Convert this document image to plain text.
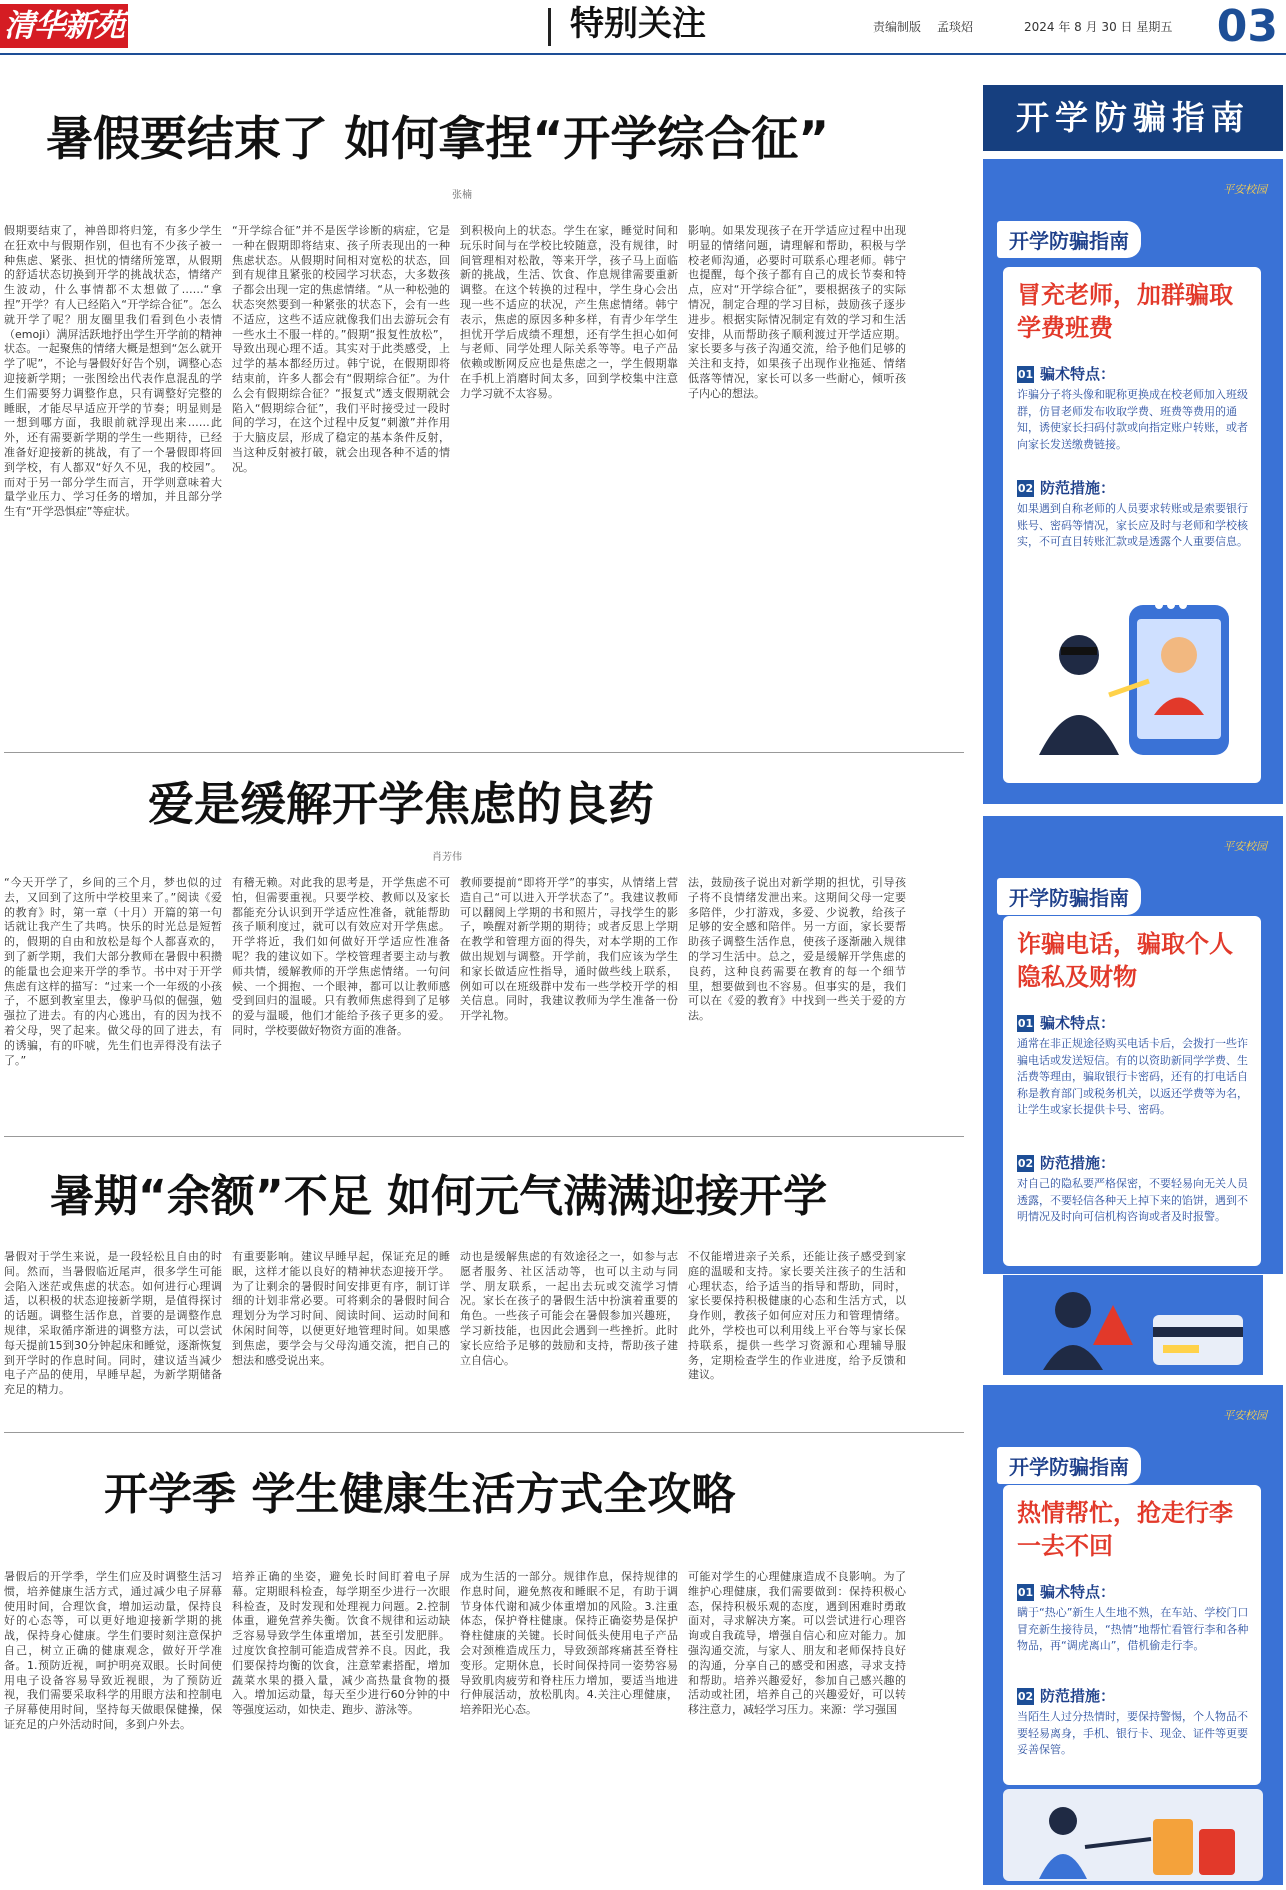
清华新苑	特别关注	责编制版 孟琰炤	2024 年 8 月 30 日 星期五 03
暑假要结束了 如何拿捏“开学综合征”
张楠
假期要结束了，神兽即将归笼，有多少学生在狂欢中与假期作别，但也有不少孩子被一种焦虑、紧张、担忧的情绪所笼罩，从假期的舒适状态切换到开学的挑战状态，情绪产生波动，什么事情都不太想做了……“拿捏”开学？有人已经陷入“开学综合征”。怎么就开学了呢？朋友圈里我们看到色小表情（emoji）满屏活跃地抒出学生开学前的精神状态。一起聚焦的情绪大概是想到“怎么就开学了呢”，不论与暑假好好告个别，调整心态迎接新学期；一张图绘出代表作息混乱的学生们需要努力调整作息，只有调整好完整的睡眠，才能尽早适应开学的节奏；明显则是一想到哪方面，我眼前就浮现出来……此外，还有需要新学期的学生一些期待，已经准备好迎接新的挑战，有了一个暑假即将回到学校，有人都双“好久不见，我的校园”。而对于另一部分学生而言，开学则意味着大量学业压力、学习任务的增加，并且部分学生有“开学恐惧症”等症状。
“开学综合征”并不是医学诊断的病症，它是一种在假期即将结束、孩子所表现出的一种焦虑状态。从假期时间相对宽松的状态，回到有规律且紧张的校园学习状态，大多数孩子都会出现一定的焦虑情绪。“从一种松弛的状态突然要到一种紧张的状态下，会有一些不适应，这些不适应就像我们出去游玩会有一些水土不服一样的。”假期“报复性放松”，导致出现心理不适。其实对于此类感受，上过学的基本都经历过。韩宁说，在假期即将结束前，许多人都会有“假期综合征”。为什么会有假期综合征？“报复式”透支假期就会陷入“假期综合征”，我们平时接受过一段时间的学习，在这个过程中反复“刺激”并作用于大脑皮层，形成了稳定的基本条件反射，当这种反射被打破，就会出现各种不适的情况。
到积极向上的状态。学生在家，睡觉时间和玩乐时间与在学校比较随意，没有规律，时间管理相对松散，等来开学，孩子马上面临新的挑战，生活、饮食、作息规律需要重新调整。在这个转换的过程中，学生身心会出现一些不适应的状况，产生焦虑情绪。韩宁表示，焦虑的原因多种多样，有青少年学生担忧开学后成绩不理想，还有学生担心如何与老师、同学处理人际关系等等。电子产品依赖或断网反应也是焦虑之一，学生假期靠在手机上消磨时间太多，回到学校集中注意力学习就不太容易。
影响。如果发现孩子在开学适应过程中出现明显的情绪问题，请理解和帮助，积极与学校老师沟通，必要时可联系心理老师。韩宁也提醒，每个孩子都有自己的成长节奏和特点，应对“开学综合征”，要根据孩子的实际情况，制定合理的学习目标，鼓励孩子逐步进步。根据实际情况制定有效的学习和生活安排，从而帮助孩子顺利渡过开学适应期。家长要多与孩子沟通交流，给予他们足够的关注和支持，如果孩子出现作业拖延、情绪低落等情况，家长可以多一些耐心，倾听孩子内心的想法。
爱是缓解开学焦虑的良药
肖芳伟
“今天开学了，乡间的三个月，梦也似的过去，又回到了这所中学校里来了。”阅读《爱的教育》时，第一章（十月）开篇的第一句话就让我产生了共鸣。快乐的时光总是短暂的，假期的自由和放松是每个人都喜欢的，到了新学期，我们大部分教师在暑假中积攒的能量也会迎来开学的季节。书中对于开学焦虑有这样的描写：“过来一个一年级的小孩子，不愿到教室里去，像驴马似的倔强，勉强拉了进去。有的内心逃出，有的因为找不着父母，哭了起来。做父母的回了进去，有的诱骗，有的吓唬，先生们也弄得没有法子了。”
有稽无赖。对此我的思考是，开学焦虑不可怕，但需要重视。只要学校、教师以及家长都能充分认识到开学适应性准备，就能帮助孩子顺利度过，就可以有效应对开学焦虑。开学将近，我们如何做好开学适应性准备呢？我的建议如下。学校管理者要主动与教师共情，缓解教师的开学焦虑情绪。一句问候、一个拥抱、一个眼神，都可以让教师感受到回归的温暖。只有教师焦虑得到了足够的爱与温暖，他们才能给予孩子更多的爱。同时，学校要做好物资方面的准备。
教师要提前“即将开学”的事实，从情绪上营造自己“可以进入开学状态了”。我建议教师可以翻阅上学期的书和照片，寻找学生的影子，唤醒对新学期的期待；或者反思上学期在教学和管理方面的得失，对本学期的工作做出规划与调整。开学前，我们应该为学生和家长做适应性指导，通时做些线上联系，例如可以在班级群中发布一些学校开学的相关信息。同时，我建议教师为学生准备一份开学礼物。
法，鼓励孩子说出对新学期的担忧，引导孩子将不良情绪发泄出来。这期间父母一定要多陪伴，少打游戏，多爱、少说教，给孩子足够的安全感和陪伴。另一方面，家长要帮助孩子调整生活作息，使孩子逐渐融入规律的学习生活中。总之，爱是缓解开学焦虑的良药，这种良药需要在教育的每一个细节里，想要做到也不容易。但事实的是，我们可以在《爱的教育》中找到一些关于爱的方法。
暑期“余额”不足 如何元气满满迎接开学
暑假对于学生来说，是一段轻松且自由的时间。然而，当暑假临近尾声，很多学生可能会陷入迷茫或焦虑的状态。如何进行心理调适，以积极的状态迎接新学期，是值得探讨的话题。调整生活作息，首要的是调整作息规律，采取循序渐进的调整方法，可以尝试每天提前15到30分钟起床和睡觉，逐渐恢复到开学时的作息时间。同时，建议适当减少电子产品的使用，早睡早起，为新学期储备充足的精力。
有重要影响。建议早睡早起，保证充足的睡眠，这样才能以良好的精神状态迎接开学。为了让剩余的暑假时间安排更有序，制订详细的计划非常必要。可将剩余的暑假时间合理划分为学习时间、阅读时间、运动时间和休闲时间等，以便更好地管理时间。如果感到焦虑，要学会与父母沟通交流，把自己的想法和感受说出来。
动也是缓解焦虑的有效途径之一，如参与志愿者服务、社区活动等，也可以主动与同学、朋友联系，一起出去玩或交流学习情况。家长在孩子的暑假生活中扮演着重要的角色。一些孩子可能会在暑假参加兴趣班，学习新技能，也因此会遇到一些挫折。此时家长应给予足够的鼓励和支持，帮助孩子建立自信心。
不仅能增进亲子关系，还能让孩子感受到家庭的温暖和支持。家长要关注孩子的生活和心理状态，给予适当的指导和帮助，同时，家长要保持积极健康的心态和生活方式，以身作则，教孩子如何应对压力和管理情绪。此外，学校也可以利用线上平台等与家长保持联系，提供一些学习资源和心理辅导服务，定期检查学生的作业进度，给予反馈和建议。
开学季 学生健康生活方式全攻略
暑假后的开学季，学生们应及时调整生活习惯，培养健康生活方式，通过减少电子屏幕使用时间，合理饮食，增加运动量，保持良好的心态等，可以更好地迎接新学期的挑战，保持身心健康。学生们要时刻注意保护自己，树立正确的健康观念，做好开学准备。1.预防近视，呵护明亮双眼。长时间使用电子设备容易导致近视眼，为了预防近视，我们需要采取科学的用眼方法和控制电子屏幕使用时间，坚持每天做眼保健操，保证充足的户外活动时间，多到户外去。
培养正确的坐姿，避免长时间盯着电子屏幕。定期眼科检查，每学期至少进行一次眼科检查，及时发现和处理视力问题。2.控制体重，避免营养失衡。饮食不规律和运动缺乏容易导致学生体重增加，甚至引发肥胖。过度饮食控制可能造成营养不良。因此，我们要保持均衡的饮食，注意荤素搭配，增加蔬菜水果的摄入量，减少高热量食物的摄入。增加运动量，每天至少进行60分钟的中等强度运动，如快走、跑步、游泳等。
成为生活的一部分。规律作息，保持规律的作息时间，避免熬夜和睡眠不足，有助于调节身体代谢和减少体重增加的风险。3.注重体态，保护脊柱健康。保持正确姿势是保护脊柱健康的关键。长时间低头使用电子产品会对颈椎造成压力，导致颈部疼痛甚至脊柱变形。定期休息，长时间保持同一姿势容易导致肌肉疲劳和脊柱压力增加，要适当地进行伸展活动，放松肌肉。4.关注心理健康，培养阳光心态。
可能对学生的心理健康造成不良影响。为了维护心理健康，我们需要做到：保持积极心态，保持积极乐观的态度，遇到困难时勇敢面对，寻求解决方案。可以尝试进行心理咨询或自我疏导，增强自信心和应对能力。加强沟通交流，与家人、朋友和老师保持良好的沟通，分享自己的感受和困惑，寻求支持和帮助。培养兴趣爱好，参加自己感兴趣的活动或社团，培养自己的兴趣爱好，可以转移注意力，减轻学习压力。来源：学习强国
开学防骗指南
平安校园
开学防骗指南
冒充老师，加群骗取学费班费
01 骗术特点：
诈骗分子将头像和昵称更换成在校老师加入班级群，仿冒老师发布收取学费、班费等费用的通知，诱使家长扫码付款或向指定账户转账，或者向家长发送缴费链接。
02 防范措施：
如果遇到自称老师的人员要求转账或是索要银行账号、密码等情况，家长应及时与老师和学校核实，不可直目转账汇款或是透露个人重要信息。
平安校园
开学防骗指南
诈骗电话，骗取个人隐私及财物
01 骗术特点：
通常在非正规途径购买电话卡后，会拨打一些诈骗电话或发送短信。有的以资助新同学学费、生活费等理由，骗取银行卡密码，还有的打电话自称是教育部门或税务机关，以返还学费等为名，让学生或家长提供卡号、密码。
02 防范措施：
对自己的隐私要严格保密，不要轻易向无关人员透露，不要轻信各种天上掉下来的馅饼，遇到不明情况及时向可信机构咨询或者及时报警。
平安校园
开学防骗指南
热情帮忙，抢走行李一去不回
01 骗术特点：
瞒于“热心”新生人生地不熟，在车站、学校门口冒充新生接待员，“热情”地帮忙看管行李和各种物品，再“调虎离山”，借机偷走行李。
02 防范措施：
当陌生人过分热情时，要保持警惕，个人物品不要轻易离身，手机、银行卡、现金、证件等更要妥善保管。
